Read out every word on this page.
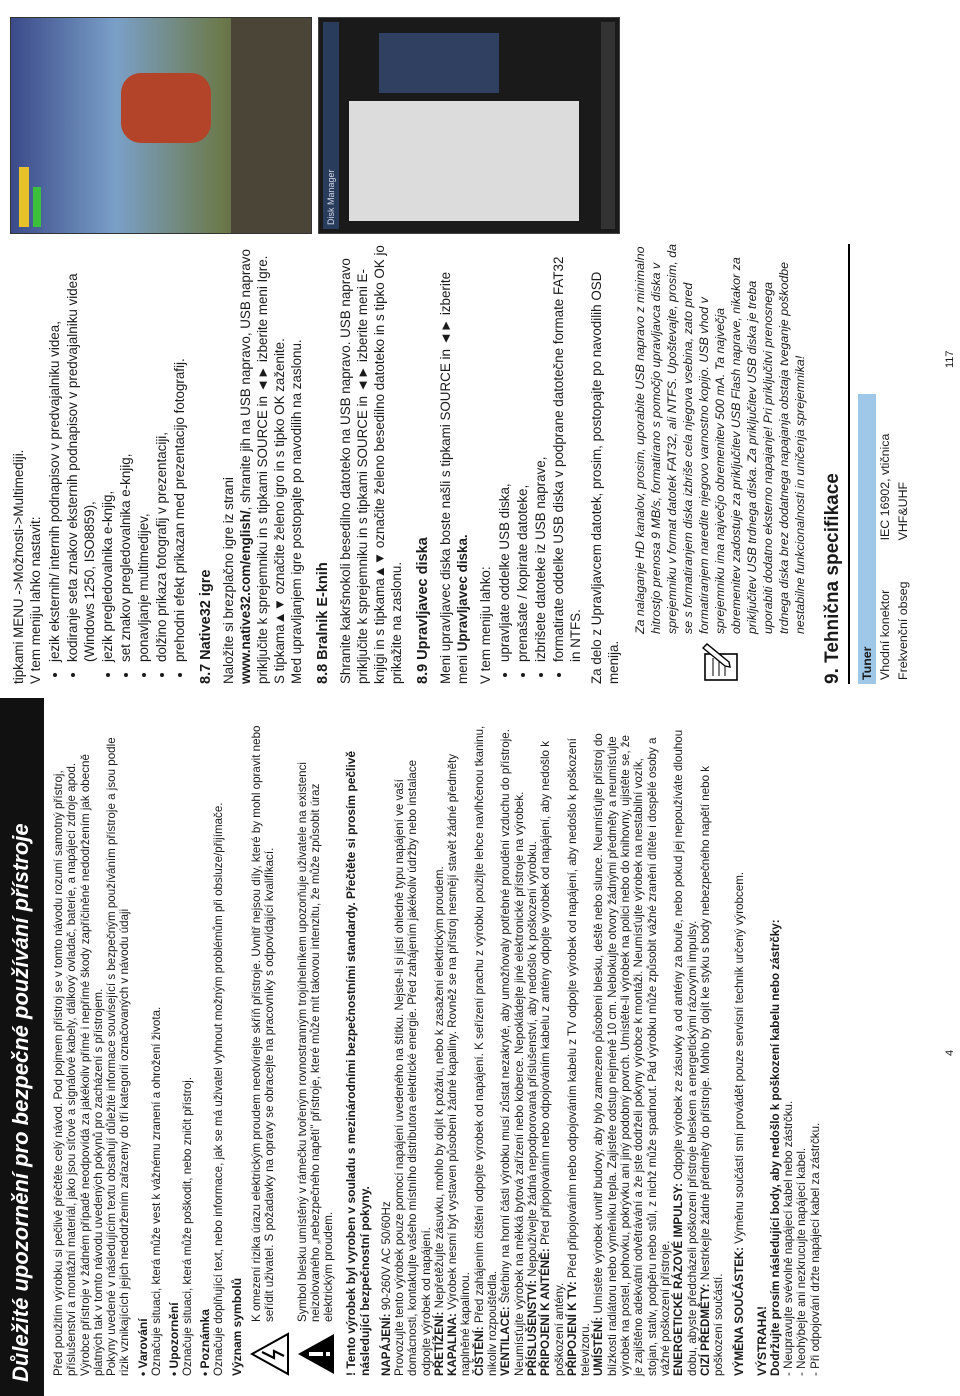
Důležité upozornění pro bezpečné používání přístroje	Před použitím výrobku si pečlivě přečtěte celý návod. Pod pojmem přístroj se v tomto návodu rozumí samotný přístroj, příslušenství a montážní materiál, jako jsou síťové a signálové kabely, dálkový ovladač, baterie, a napájecí zdroje apod. Výrobce přístroje v žádném případě neodpovídá za jakékoliv přímé i nepřímé škody zapříčiněné nedodržením jak obecně platných tak v tomto návodu uvedených pokynů pro zacházení s přístrojem. Pokyny uvedené v následujícím textu obsahují důležité informace související s bezpečným používáním přístroje a jsou podle rizik vznikajících jejich nedodržením zařazeny do tří kategorií označovaných v návodu údaji • Varování Označuje situaci, která může vest k vážnému zranení a ohrožení života. • Upozornění Označuje situaci, která může poškodit, nebo zničit přístroj. • Poznámka Označuje doplňující text, nebo informace, jak se má uživatel vyhnout možným problémům při obsluze/přijímače. Význam symbolů

K omezení rizika úrazu elektrickým proudem neotvírejte skříň přístroje. Uvnitř nejsou díly, které by mohl opravit nebo seřídit uživatel. S požadavky na opravy se obracejte na pracovníky s odpovídající kvalifikací. Symbol blesku umístěný v rámečku tvořeným rovnostranným trojúhelníkem upozorňuje uživatele na existenci neizolovaného „nebezpečného napětí" přístroje, které může mít takovou intenzitu, že může způsobit úraz elektrickým proudem. ! Tento výrobek byl vyroben v souladu s mezinárodními bezpečnostními standardy. Přečtěte si prosím pečlivě následující bezpečnostní pokyny. NAPÁJENÍ: 90-260V AC 50/60Hz Provozujte tento výrobek pouze pomocí napájení uvedeného na štítku. Nejste-li si jistí ohledně typu napájení ve vaší domácnosti, kontaktujte vašeho místního distributora elektrické energie. Před zahájením jakékoliv údržby nebo instalace odpojte výrobek od napájení. PŘETÍŽENÍ: Nepřetěžujte zásuvku, mohlo by dojít k požáru, nebo k zasažení elektrickým proudem.

KAPALINA: Výrobek nesmí být vystaven působení žádné kapaliny. Rovněž se na přístroj nesmějí stavět žádné předměty naplněné kapalinou. ČIŠTĚNÍ: Před zahájením čištění odpojte výrobek od napájení. K seřízení prachu z výrobku použijte lehce navlhčenou tkaninu, nikoliv rozpouštědla. VENTILACE: Štěrbiny na horní části výrobku musí zůstat nezakryté, aby umožňovaly potřebné proudění vzduchu do přístroje. Neumísťujte výrobek na měkká bytová zařízení nebo koberce. Nepokládejte jiné elektronické přístroje na výrobek. PŘÍSLUŠENSTVÍ: Nepoužívejte žádná nepodporovaná příslušenství, aby nedošlo k poškození výrobku.

PŘIPOJENÍ K ANTÉNĚ: Před připojováním nebo odpojováním kabelu z antény odpojte výrobek od napájení, aby nedošlo k poškození antény. PŘIPOJENÍ K TV: Před připojováním nebo odpojováním kabelu z TV odpojte výrobek od napájení, aby nedošlo k poškození televizoru. UMÍSTĚNÍ: Umístěte výrobek uvnitř budovy, aby bylo zamezeno působení blesku, deště nebo slunce. Neumísťujte přístroj do blízkosti radiátoru nebo výměníku tepla. Zajistěte odstup nejméně 10 cm. Neblokujte otvory žádnými předměty a neumísťujte výrobek na postel, pohovku, pokrývku ani jiný podobný povrch. Umístěte-li výrobek na polici nebo do knihovny, ujistěte se, že je zajištěno adekvátní odvětrávání a že jste dodrželi pokyny výrobce k montáži. Neumísťujte výrobek na nestabilní vozík, stojan, stativ, podpěru nebo stůl, z nichž může spadnout. Pád výrobku může způsobit vážné zranění dítěte i dospělé osoby a vážné poškození přístroje. ENERGETICKÉ RÁZOVÉ IMPULSY: Odpojte výrobek ze zásuvky a od antény za bouře, nebo pokud jej nepoužíváte dlouhou dobu, abyste předcházeli poškození přístroje bleskem a energetickými rázovými impulsy. CIZÍ PŘEDMĚTY: Nestrkejte žádné předměty do přístroje. Mohlo by dojít ke styku s body nebezpečného napětí nebo k poškození součástí. VÝMĚNA SOUČÁSTEK: Výměnu součástí smí provádět pouze servisní technik určený výrobcem.

VÝSTRAHA! Dodržujte prosím následující body, aby nedošlo k poškození kabelu nebo zástrčky: - Neupravujte svévolně napájecí kabel nebo zástrčku. - Neohýbejte ani nezkrucujte napájecí kabel. - Při odpojování držte napájecí kabel za zástrčku.

4

tipkami MENU ->Možnosti->Multimediji. V tem meniju lahko nastavit: • jezik eksternih/ internih podnapisov v predvajalniku videa, • kodiranje seta znakov eksternih podnapisov v predvajalniku videa (Windows 1250, ISO8859), • jezik pregledovalnika e-knjig, • set znakov pregledovalnika e-knjig, • ponavljanje multimedijev, • dolžino prikaza fotografij v prezentaciji, • prehodni efekt prikazan med prezentacijo fotografij. 8.7 Native32 igre Naložite si brezplačno igre iz strani www.native32.com/english/, shranite jih na USB napravo, USB napravo priključite k sprejemniku in s tipkami SOURCE in ◄► izberite meni Igre. S tipkama▲▼ označite želeno igro in s tipko OK zaženite. Med upravljanjem igre postopajte po navodilih na zaslonu. 8.8 Bralnik E-knih Shranite kakršnokoli besedilno datoteko na USB napravo. USB napravo priključite k sprejemniku in s tipkami SOURCE in ◄► izberite meni E-knjigi in s tipkama▲▼ označite želeno besedilno datoteko in s tipko OK jo prikažite na zaslonu. 8.9 Upravljavec diska Meni upravljavec diska boste našli s tipkami SOURCE in ◄► izberite meni Upravljavec diska. V tem meniju lahko: • upravljate oddelke USB diska, • prenašate / kopirate datoteke, • izbrišete datoteke iz USB naprave, • formatirate oddelke USB diska v podprane datotečne formate FAT32 in NTFS. Za delo z Upravljavcem datotek, prosim, postopajte po navodilih OSD menija.

Za nalaganje HD kanalov, prosim, uporabite USB napravo z minimalno hitrostjo prenosa 9 MB/s, formatirano s pomočjo upravljavca diska v sprejemniku v format datotek FAT32, ali NTFS. Upoštevajte, prosim, da se s formatiranjem diska izbriše cela njegova vsebina, zato pred formatiranjem naredite njegovo varnostno kopijo. USB vhod v sprejemniku ima največjo obremenitev 500 mA. Ta največja obremenitev zadostuje za priključitev USB Flash naprave, nikakor za priključitev USB trdnega diska. Za priključitev USB diska je treba uporabiti dodatno eksterno napajanje! Pri priključitvi prenosnega trdnega diska brez dodatnega napajanja obstaja tveganje poškodbe nestabilne funkcionalnosti in uničenja sprejemnika! 9. Tehnična specifikace	Tuner	
Vhodní konektor	IEC 16902, vtičnica
Frekvenční obseg	VHF&UHF
Disk Manager
117
